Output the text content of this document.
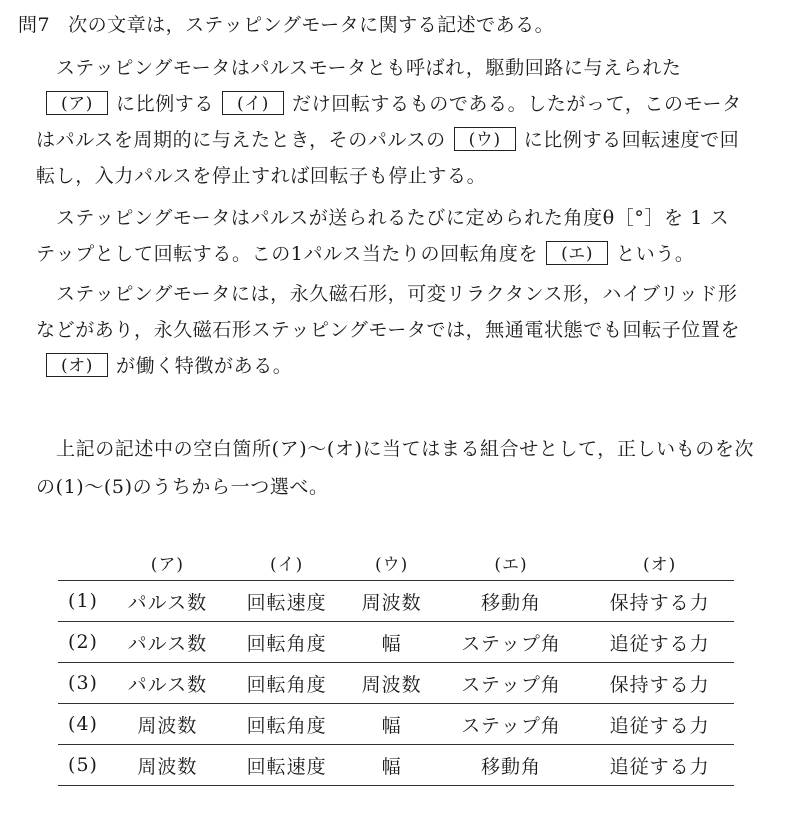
問7 次の文章は，ステッピングモータに関する記述である。
ステッピングモータはパルスモータとも呼ばれ，駆動回路に与えられた
(ア) に比例する (イ) だけ回転するものである。したがって，このモータ
はパルスを周期的に与えたとき，そのパルスの (ウ) に比例する回転速度で回
転し，入力パルスを停止すれば回転子も停止する。
ステッピングモータはパルスが送られるたびに定められた角度θ［°］を 1 ス
テップとして回転する。この1パルス当たりの回転角度を (エ) という。
ステッピングモータには，永久磁石形，可変リラクタンス形，ハイブリッド形
などがあり，永久磁石形ステッピングモータでは，無通電状態でも回転子位置を
(オ) が働く特徴がある。
上記の記述中の空白箇所(ア)～(オ)に当てはまる組合せとして，正しいものを次
の(1)～(5)のうちから一つ選べ。
	(ア)	(イ)	(ウ)	(エ)	(オ)
(1)	パルス数	回転速度	周波数	移動角	保持する力
(2)	パルス数	回転角度	幅	ステップ角	追従する力
(3)	パルス数	回転角度	周波数	ステップ角	保持する力
(4)	周波数	回転角度	幅	ステップ角	追従する力
(5)	周波数	回転速度	幅	移動角	追従する力
